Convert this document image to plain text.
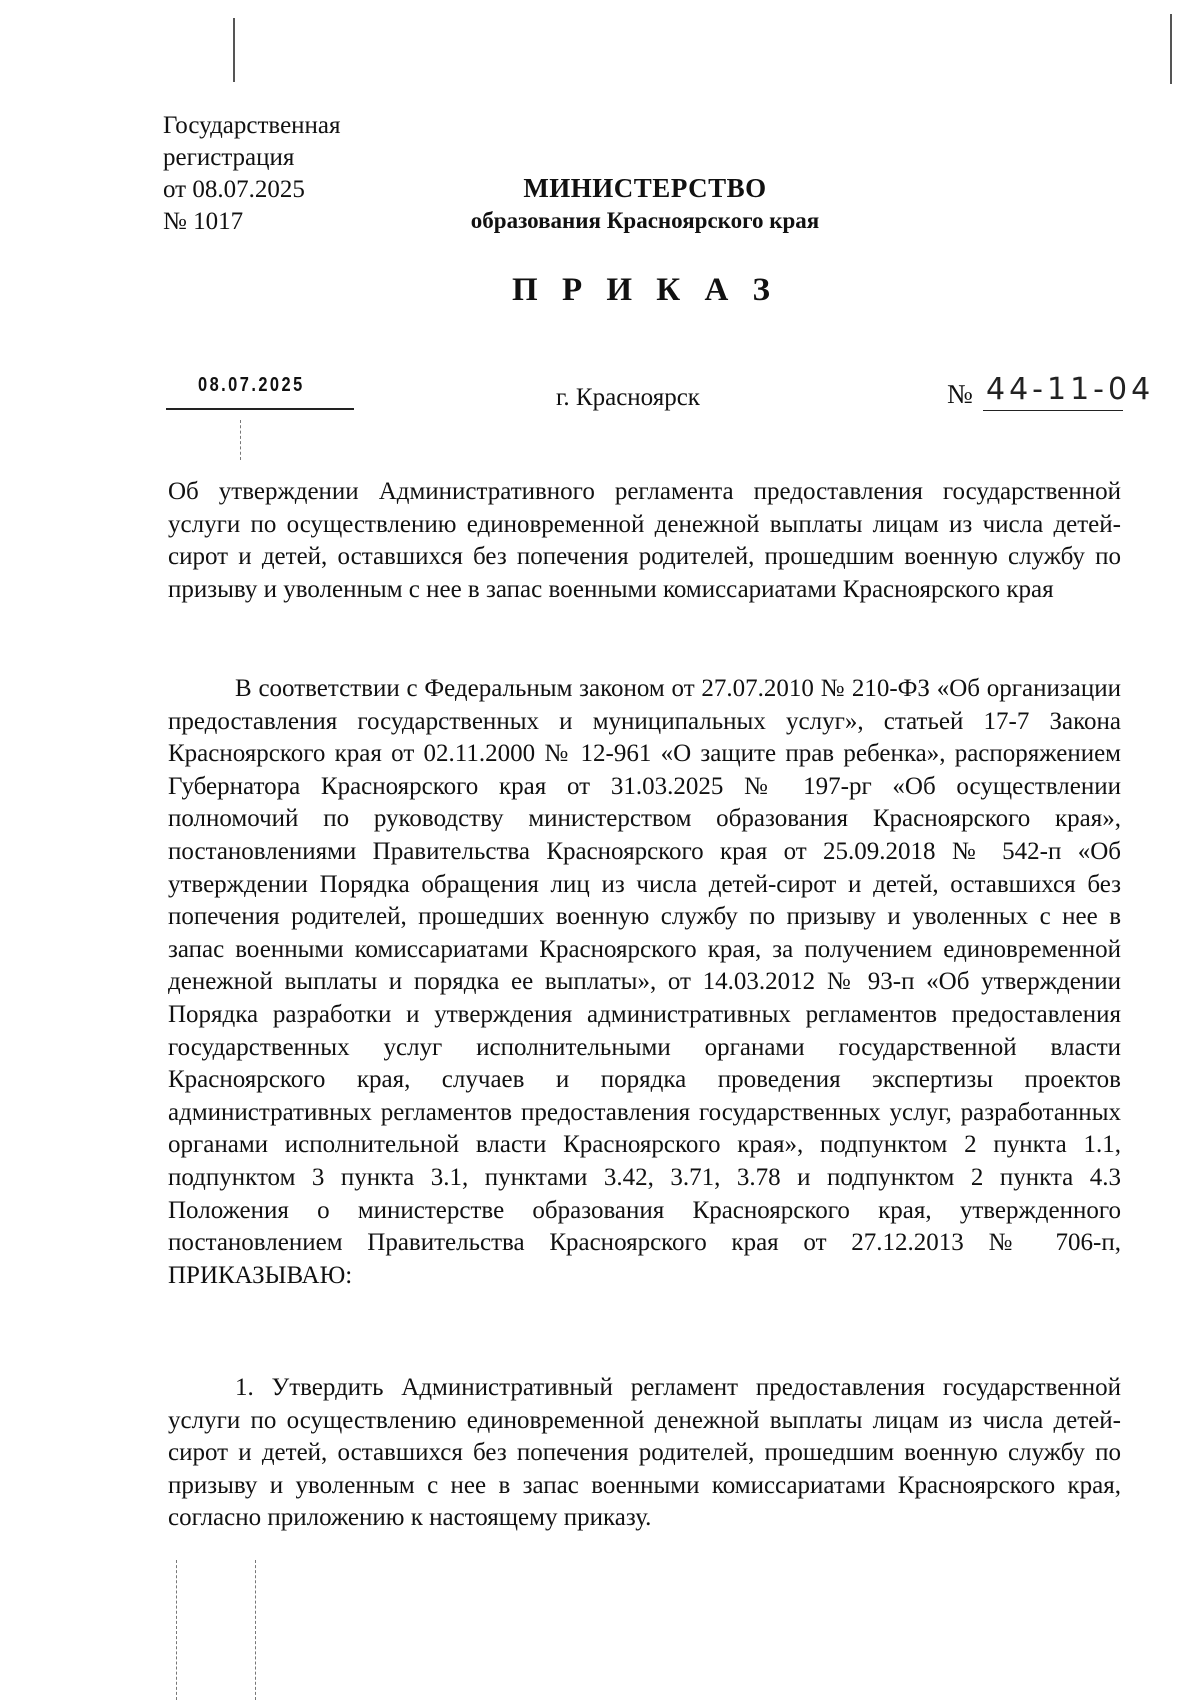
Государственная
регистрация
от 08.07.2025
№ 1017
МИНИСТЕРСТВО
образования Красноярского края
П Р И К А З
08.07.2025	г. Красноярск	№ 44-11-04
Об утверждении Административного регламента предоставления государственной услуги по осуществлению единовременной денежной выплаты лицам из числа детей-сирот и детей, оставшихся без попечения родителей, прошедшим военную службу по призыву и уволенным с нее в запас военными комиссариатами Красноярского края
В соответствии с Федеральным законом от 27.07.2010 № 210-ФЗ «Об организации предоставления государственных и муниципальных услуг», статьей 17-7 Закона Красноярского края от 02.11.2000 № 12-961 «О защите прав ребенка», распоряжением Губернатора Красноярского края от 31.03.2025 № 197-рг «Об осуществлении полномочий по руководству министерством образования Красноярского края», постановлениями Правительства Красноярского края от 25.09.2018 № 542-п «Об утверждении Порядка обращения лиц из числа детей-сирот и детей, оставшихся без попечения родителей, прошедших военную службу по призыву и уволенных с нее в запас военными комиссариатами Красноярского края, за получением единовременной денежной выплаты и порядка ее выплаты», от 14.03.2012 № 93-п «Об утверждении Порядка разработки и утверждения административных регламентов предоставления государственных услуг исполнительными органами государственной власти Красноярского края, случаев и порядка проведения экспертизы проектов административных регламентов предоставления государственных услуг, разработанных органами исполнительной власти Красноярского края», подпунктом 2 пункта 1.1, подпунктом 3 пункта 3.1, пунктами 3.42, 3.71, 3.78 и подпунктом 2 пункта 4.3 Положения о министерстве образования Красноярского края, утвержденного постановлением Правительства Красноярского края от 27.12.2013 № 706-п, ПРИКАЗЫВАЮ:
1. Утвердить Административный регламент предоставления государственной услуги по осуществлению единовременной денежной выплаты лицам из числа детей-сирот и детей, оставшихся без попечения родителей, прошедшим военную службу по призыву и уволенным с нее в запас военными комиссариатами Красноярского края, согласно приложению к настоящему приказу.
